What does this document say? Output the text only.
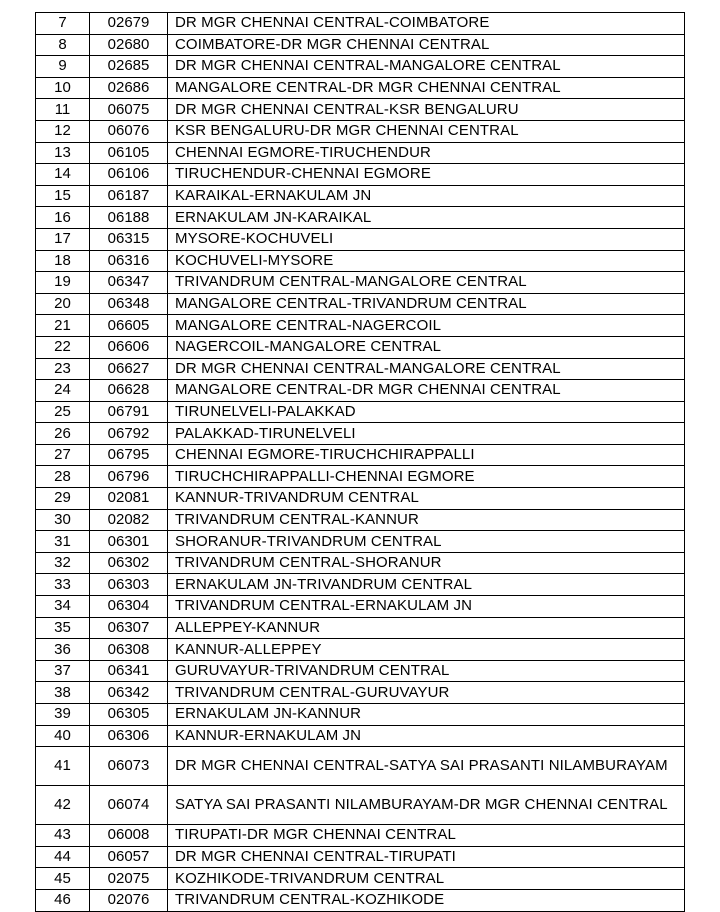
7	02679	DR MGR CHENNAI CENTRAL-COIMBATORE
8	02680	COIMBATORE-DR MGR CHENNAI CENTRAL
9	02685	DR MGR CHENNAI CENTRAL-MANGALORE CENTRAL
10	02686	MANGALORE CENTRAL-DR MGR CHENNAI CENTRAL
11	06075	DR MGR CHENNAI CENTRAL-KSR BENGALURU
12	06076	KSR BENGALURU-DR MGR CHENNAI CENTRAL
13	06105	CHENNAI EGMORE-TIRUCHENDUR
14	06106	TIRUCHENDUR-CHENNAI EGMORE
15	06187	KARAIKAL-ERNAKULAM JN
16	06188	ERNAKULAM JN-KARAIKAL
17	06315	MYSORE-KOCHUVELI
18	06316	KOCHUVELI-MYSORE
19	06347	TRIVANDRUM CENTRAL-MANGALORE CENTRAL
20	06348	MANGALORE CENTRAL-TRIVANDRUM CENTRAL
21	06605	MANGALORE CENTRAL-NAGERCOIL
22	06606	NAGERCOIL-MANGALORE CENTRAL
23	06627	DR MGR CHENNAI CENTRAL-MANGALORE CENTRAL
24	06628	MANGALORE CENTRAL-DR MGR CHENNAI CENTRAL
25	06791	TIRUNELVELI-PALAKKAD
26	06792	PALAKKAD-TIRUNELVELI
27	06795	CHENNAI EGMORE-TIRUCHCHIRAPPALLI
28	06796	TIRUCHCHIRAPPALLI-CHENNAI EGMORE
29	02081	KANNUR-TRIVANDRUM CENTRAL
30	02082	TRIVANDRUM CENTRAL-KANNUR
31	06301	SHORANUR-TRIVANDRUM CENTRAL
32	06302	TRIVANDRUM CENTRAL-SHORANUR
33	06303	ERNAKULAM JN-TRIVANDRUM CENTRAL
34	06304	TRIVANDRUM CENTRAL-ERNAKULAM JN
35	06307	ALLEPPEY-KANNUR
36	06308	KANNUR-ALLEPPEY
37	06341	GURUVAYUR-TRIVANDRUM CENTRAL
38	06342	TRIVANDRUM CENTRAL-GURUVAYUR
39	06305	ERNAKULAM JN-KANNUR
40	06306	KANNUR-ERNAKULAM JN
41	06073	DR MGR CHENNAI CENTRAL-SATYA SAI PRASANTI NILAMBURAYAM
42	06074	SATYA SAI PRASANTI NILAMBURAYAM-DR MGR CHENNAI CENTRAL
43	06008	TIRUPATI-DR MGR CHENNAI CENTRAL
44	06057	DR MGR CHENNAI CENTRAL-TIRUPATI
45	02075	KOZHIKODE-TRIVANDRUM CENTRAL
46	02076	TRIVANDRUM CENTRAL-KOZHIKODE
